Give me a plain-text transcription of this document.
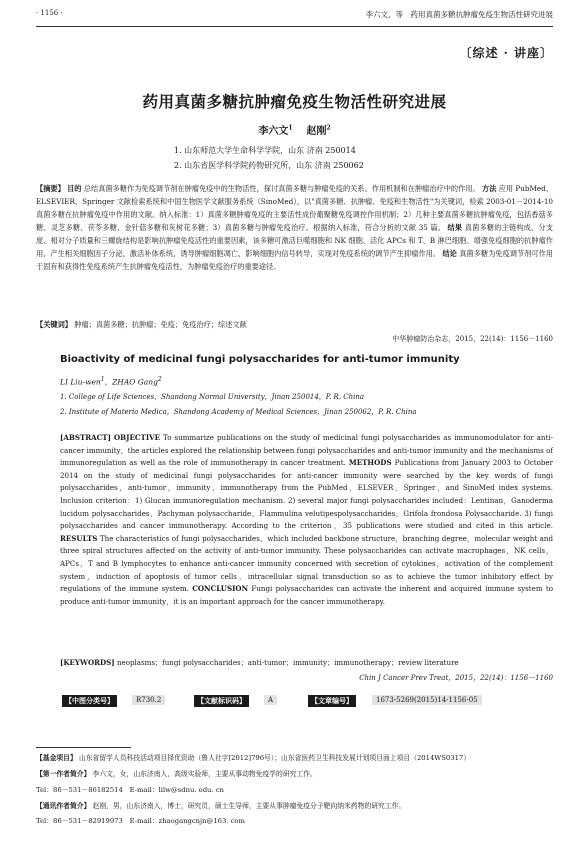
· 1156 ·	李六文，等　药用真菌多糖抗肿瘤免疫生物活性研究进展
〔综述 · 讲座〕
药用真菌多糖抗肿瘤免疫生物活性研究进展
李六文$^1$ 赵刚$^2$
1. 山东师范大学生命科学学院，山东 济南 250014
2. 山东省医学科学院药物研究所，山东 济南 250062
【摘要】 目的 总结真菌多糖作为免疫调节剂在肿瘤免疫中的生物活性，探讨真菌多糖与肿瘤免疫的关系、作用机制和在肿瘤治疗中的作用。 方法 应用 PubMed、ELSEVIER、Springer 文献检索系统和中国生物医学文献服务系统（SinoMed），以"真菌多糖、抗肿瘤、免疫和生物活性"为关键词，检索 2003-01－2014-10 真菌多糖在抗肿瘤免疫中作用的文献。纳入标准：1）真菌多糖肿瘤免疫的主要活性成份葡聚糖免疫调控作用机制；2）几种主要真菌多糖抗肿瘤免疫，包括香菇多糖、灵芝多糖、茯苓多糖、金针菇多糖和灰树花多糖；3）真菌多糖与肿瘤免疫治疗。根据纳入标准，符合分析的文献 35 篇。 结果 真菌多糖的主链构成、分支度、相对分子质量和三螺旋结构是影响抗肿瘤免疫活性的重要因素，该多糖可激活巨噬细胞和 NK 细胞、活化 APCs 和 T、B 淋巴细胞、增强免疫细胞的抗肿瘤作用，产生相关细胞因子分泌，激活补体系统，诱导肿瘤细胞凋亡，影响细胞内信号转导，实现对免疫系统的调节产生抑瘤作用。 结论 真菌多糖为免疫调节剂可作用于固有和获得性免疫系统产生抗肿瘤免疫活性，为肿瘤免疫治疗的重要途径。
【关键词】 肿瘤；真菌多糖；抗肿瘤；免疫；免疫治疗；综述文献
中华肿瘤防治杂志，2015，22(14)：1156－1160
Bioactivity of medicinal fungi polysaccharides for anti-tumor immunity
LI Liu-wen$^1$，ZHAO Gang$^2$
1. College of Life Sciences，Shandong Normal University，Jinan 250014，P. R. China
2. Institute of Materia Medica，Shandong Academy of Medical Sciences，Jinan 250062，P. R. China
[ABSTRACT] OBJECTIVE To summarize publications on the study of medicinal fungi polysaccharides as immunomodulator for anti-cancer immunity，the articles explored the relationship between fungi polysaccharides and anti-tumor immunity and the mechanisms of immunoregulation as well as the role of immunotherapy in cancer treatment. METHODS Publications from January 2003 to October 2014 on the study of medicinal fungi polysaccharides for anti-cancer immunity were searched by the key words of fungi polysaccharides，anti-tumor，immunity，immunotherapy from the PubMed，ELSEVER，Springer，and SinoMed index systems. Inclusion criterion：1) Glucan immunoregulation mechanism. 2) several major fungi polysaccharides included：Lentinan，Ganoderma lucidum polysaccharides，Pachyman polysaccharide，Flammulina velutipespolysaccharides，Grifola frondosa Polysaccharide. 3) fungi polysaccharides and cancer immunotherapy. According to the criterion，35 publications were studied and cited in this article. RESULTS The characteristics of fungi polysaccharides，which included backbone structure，branching degree，molecular weight and three spiral structures affected on the activity of anti-tumor immunity. These polysaccharides can activate macrophages，NK cells，APCs，T and B lymphocytes to enhance anti-cancer immunity concerned with secretion of cytokines，activation of the complement system，induction of apoptosis of tumor cells，intracellular signal transduction so as to achieve the tumor inhibitory effect by regulations of the immune system. CONCLUSION Fungi polysaccharides can activate the inherent and acquired immune system to produce anti-tumor immunity，it is an important approach for the cancer immunotherapy.
[KEYWORDS] neoplasms；fungi polysaccharides；anti-tumor；immunity；immunotherapy；review literature
Chin J Cancer Prev Treat，2015，22(14)：1156－1160
【中图分类号】	R730.2	【文献标识码】	A	【文章编号】	1673-5269(2015)14-1156-05
【基金项目】 山东省留学人员科技活动项目择优资助（鲁人社字[2012]796号）；山东省医药卫生科技发展计划项目面上项目（2014WS0317）
【第一作者简介】 李六文，女，山东济南人，高级实验师，主要从事动物免疫学的研究工作。
Tel：86－531－86182514　E-mail：lilw@sdnu. edu. cn
【通讯作者简介】 赵刚，男，山东济南人，博士，研究员，硕士生导师，主要从事肿瘤免疫分子靶向纳米药物的研究工作。
Tel：86－531－82919973　E-mail：zhaogangcnjn@163. com
